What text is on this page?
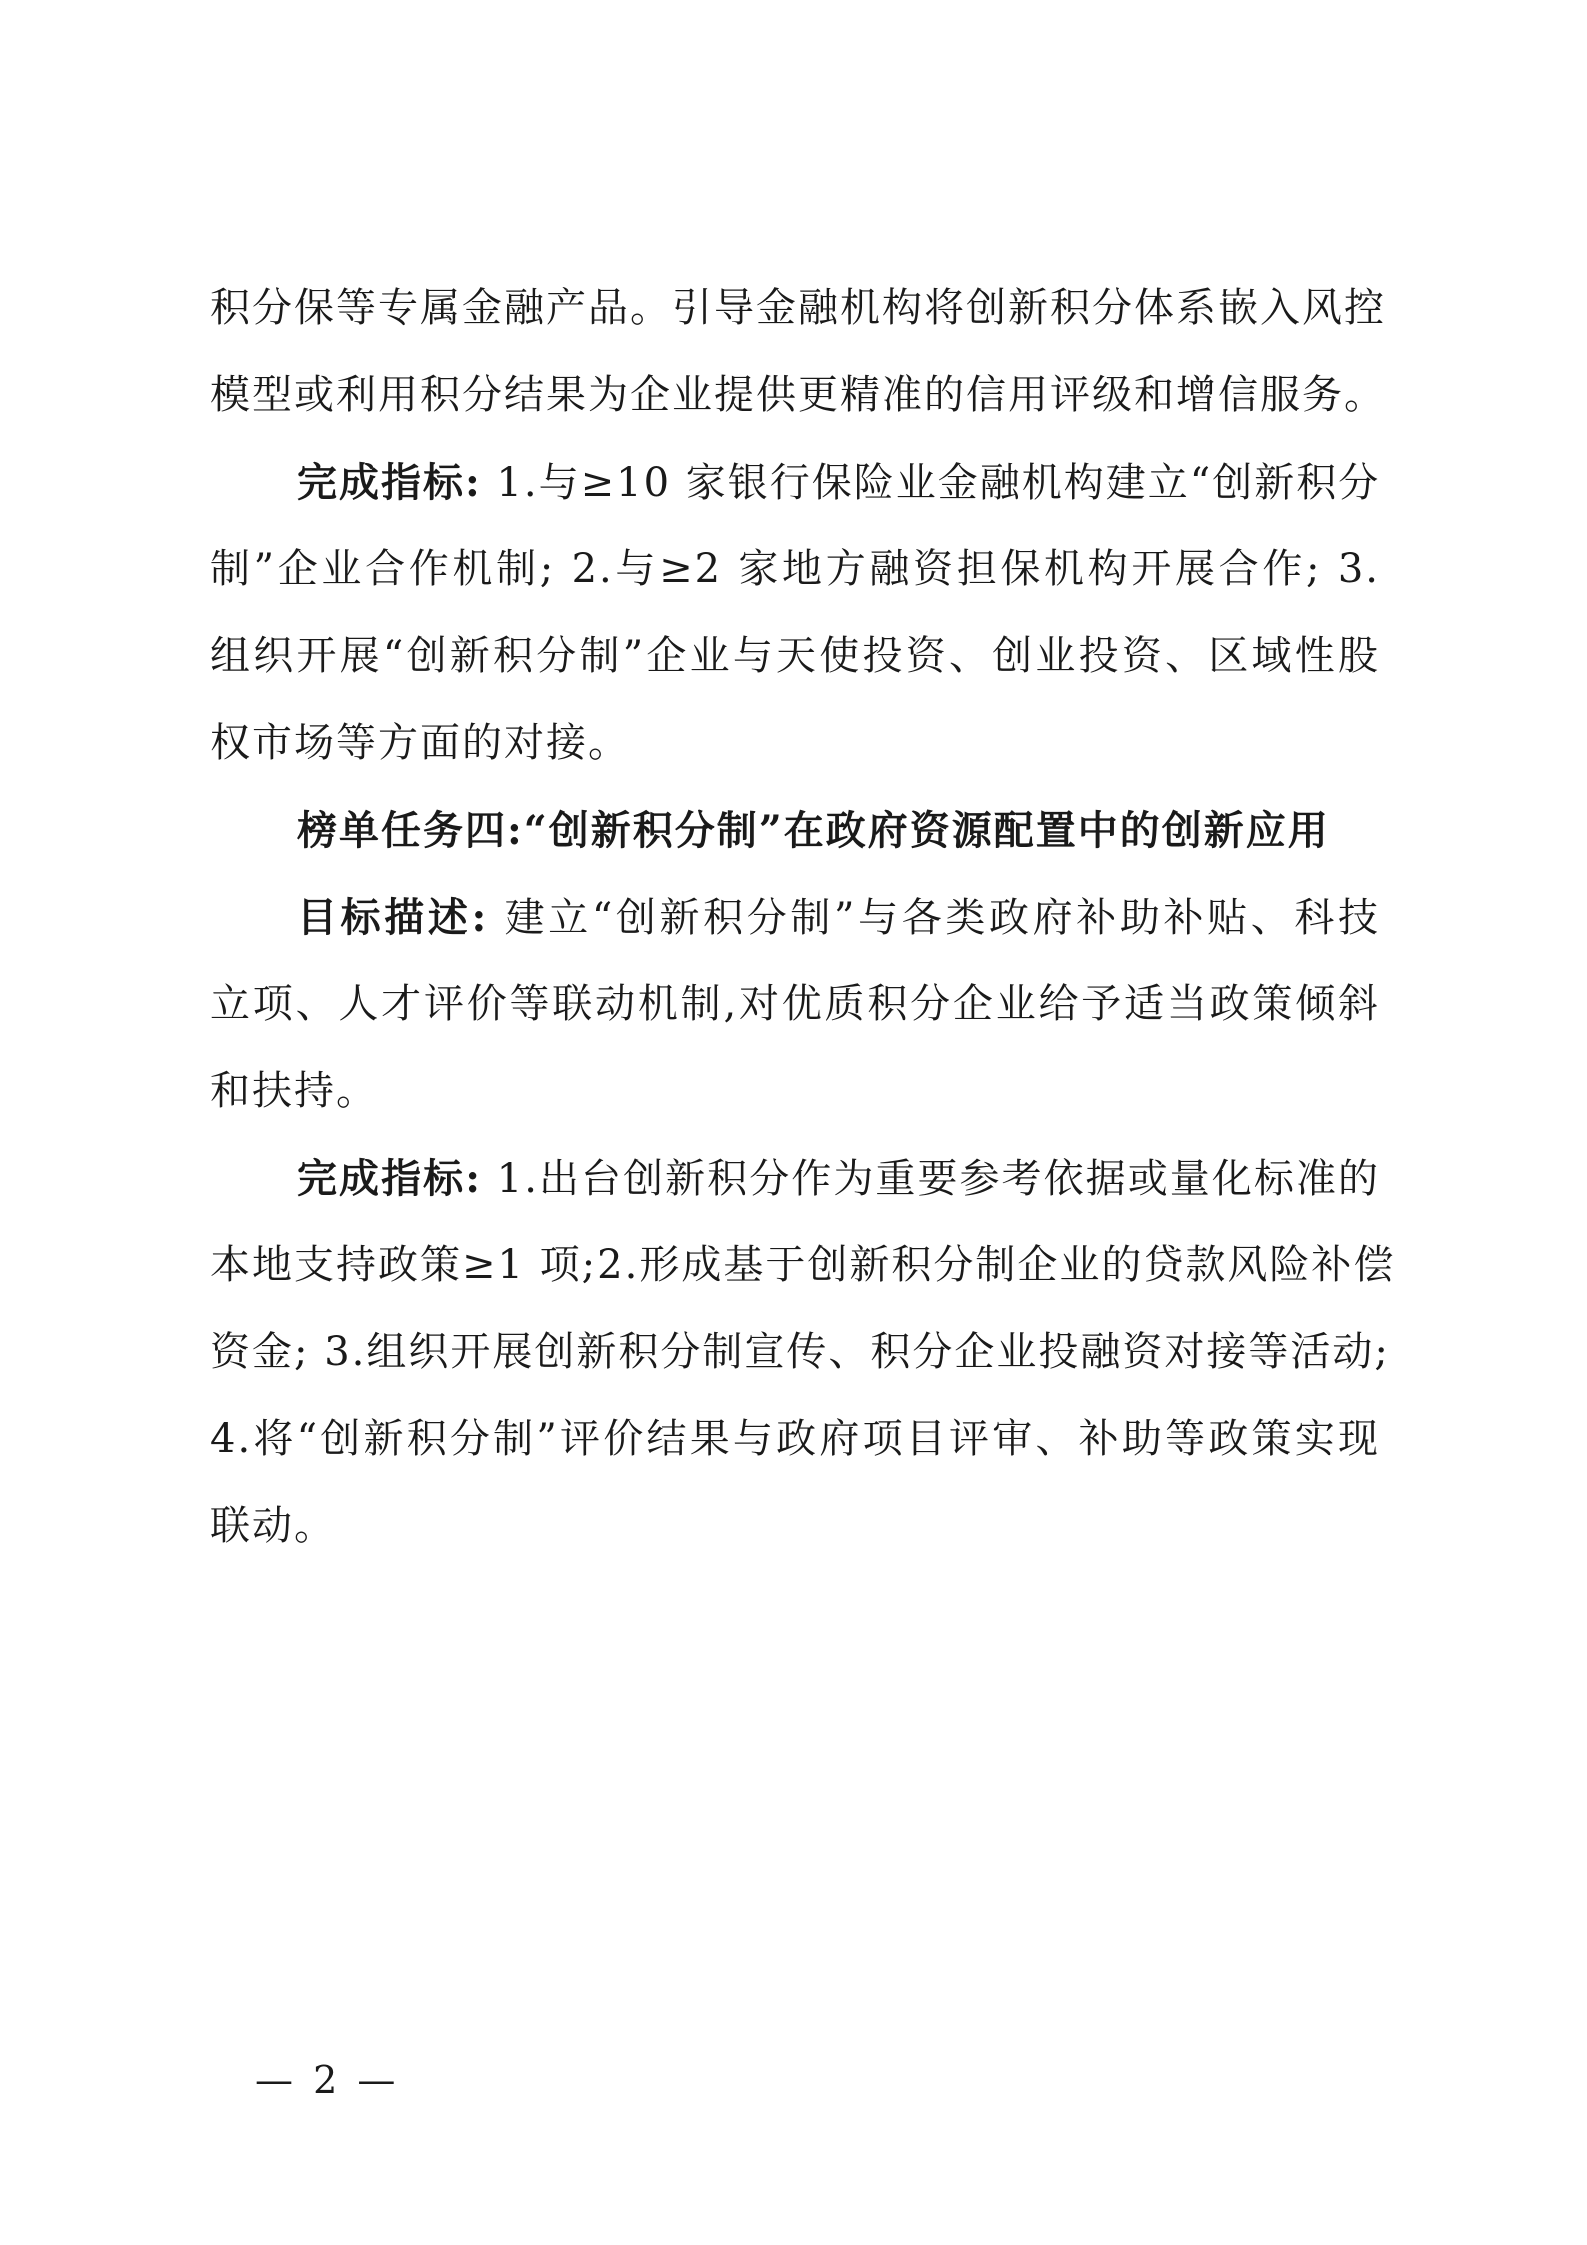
积分保等专属金融产品。引导金融机构将创新积分体系嵌入风控
模型或利用积分结果为企业提供更精准的信用评级和增信服务。
完成指标: 1.与≥10 家银行保险业金融机构建立“创新积分
制”企业合作机制; 2.与≥2 家地方融资担保机构开展合作; 3.
组织开展“创新积分制”企业与天使投资、创业投资、区域性股
权市场等方面的对接。
榜单任务四:“创新积分制”在政府资源配置中的创新应用
目标描述: 建立“创新积分制”与各类政府补助补贴、科技
立项、人才评价等联动机制,对优质积分企业给予适当政策倾斜
和扶持。
完成指标: 1.出台创新积分作为重要参考依据或量化标准的
本地支持政策≥1 项;2.形成基于创新积分制企业的贷款风险补偿
资金; 3.组织开展创新积分制宣传、积分企业投融资对接等活动;
4.将“创新积分制”评价结果与政府项目评审、补助等政策实现
联动。
— 2 —
